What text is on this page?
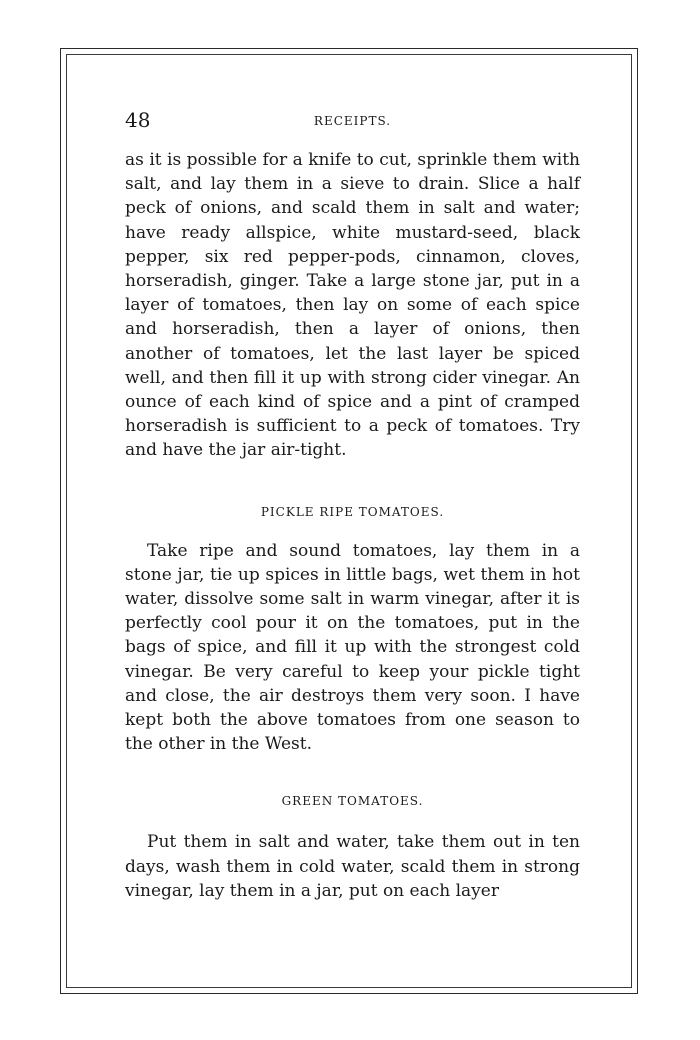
48	RECEIPTS.

as it is possible for a knife to cut, sprinkle them with salt, and lay them in a sieve to drain. Slice a half peck of onions, and scald them in salt and water; have ready allspice, white mustard-seed, black pepper, six red pepper-pods, cinnamon, cloves, horseradish, ginger. Take a large stone jar, put in a layer of tomatoes, then lay on some of each spice and horseradish, then a layer of onions, then another of tomatoes, let the last layer be spiced well, and then fill it up with strong cider vinegar. An ounce of each kind of spice and a pint of cramped horseradish is sufficient to a peck of tomatoes. Try and have the jar air-tight.

PICKLE RIPE TOMATOES.

Take ripe and sound tomatoes, lay them in a stone jar, tie up spices in little bags, wet them in hot water, dissolve some salt in warm vinegar, after it is perfectly cool pour it on the tomatoes, put in the bags of spice, and fill it up with the strongest cold vinegar. Be very careful to keep your pickle tight and close, the air destroys them very soon. I have kept both the above tomatoes from one season to the other in the West.

GREEN TOMATOES.

Put them in salt and water, take them out in ten days, wash them in cold water, scald them in strong vinegar, lay them in a jar, put on each layer
